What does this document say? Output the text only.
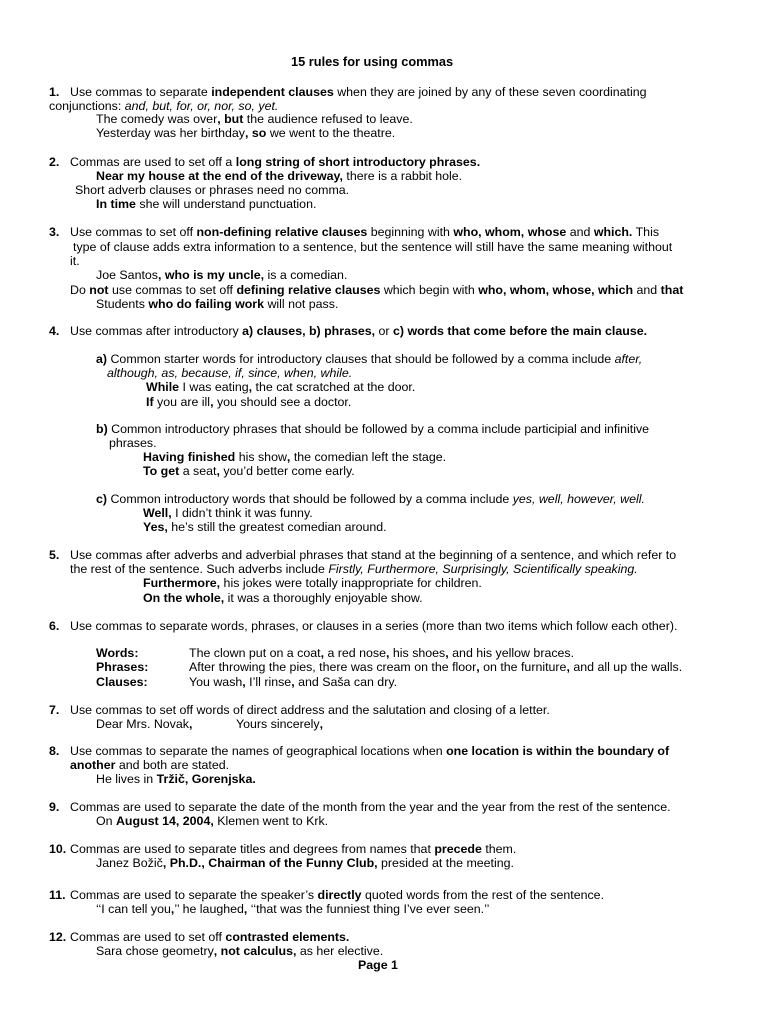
15 rules for using commas
1. Use commas to separate independent clauses when they are joined by any of these seven coordinating
conjunctions: and, but, for, or, nor, so, yet.
The comedy was over, but the audience refused to leave.
Yesterday was her birthday, so we went to the theatre.
2. Commas are used to set off a long string of short introductory phrases.
Near my house at the end of the driveway, there is a rabbit hole.
Short adverb clauses or phrases need no comma.
In time she will understand punctuation.
3. Use commas to set off non-defining relative clauses beginning with who, whom, whose and which. This
type of clause adds extra information to a sentence, but the sentence will still have the same meaning without
it.
Joe Santos, who is my uncle, is a comedian.
Do not use commas to set off defining relative clauses which begin with who, whom, whose, which and that
Students who do failing work will not pass.
4. Use commas after introductory a) clauses, b) phrases, or c) words that come before the main clause.
a) Common starter words for introductory clauses that should be followed by a comma include after,
although, as, because, if, since, when, while.
While I was eating, the cat scratched at the door.
If you are ill, you should see a doctor.
b) Common introductory phrases that should be followed by a comma include participial and infinitive
phrases.
Having finished his show, the comedian left the stage.
To get a seat, you’d better come early.
c) Common introductory words that should be followed by a comma include yes, well, however, well.
Well, I didn’t think it was funny.
Yes, he’s still the greatest comedian around.
5. Use commas after adverbs and adverbial phrases that stand at the beginning of a sentence, and which refer to
the rest of the sentence. Such adverbs include Firstly, Furthermore, Surprisingly, Scientifically speaking.
Furthermore, his jokes were totally inappropriate for children.
On the whole, it was a thoroughly enjoyable show.
6. Use commas to separate words, phrases, or clauses in a series (more than two items which follow each other).
Words:	The clown put on a coat, a red nose, his shoes, and his yellow braces.
Phrases:	After throwing the pies, there was cream on the floor, on the furniture, and all up the walls.
Clauses:	You wash, I’ll rinse, and Saša can dry.
7. Use commas to set off words of direct address and the salutation and closing of a letter.
Dear Mrs. Novak,	Yours sincerely,
8. Use commas to separate the names of geographical locations when one location is within the boundary of
another and both are stated.
He lives in Tržič, Gorenjska.
9. Commas are used to separate the date of the month from the year and the year from the rest of the sentence.
On August 14, 2004, Klemen went to Krk.
10. Commas are used to separate titles and degrees from names that precede them.
Janez Božič, Ph.D., Chairman of the Funny Club, presided at the meeting.
11. Commas are used to separate the speaker’s directly quoted words from the rest of the sentence.
‘‘I can tell you,’’ he laughed, ‘‘that was the funniest thing I’ve ever seen.’’
12. Commas are used to set off contrasted elements.
Sara chose geometry, not calculus, as her elective.
Page 1
